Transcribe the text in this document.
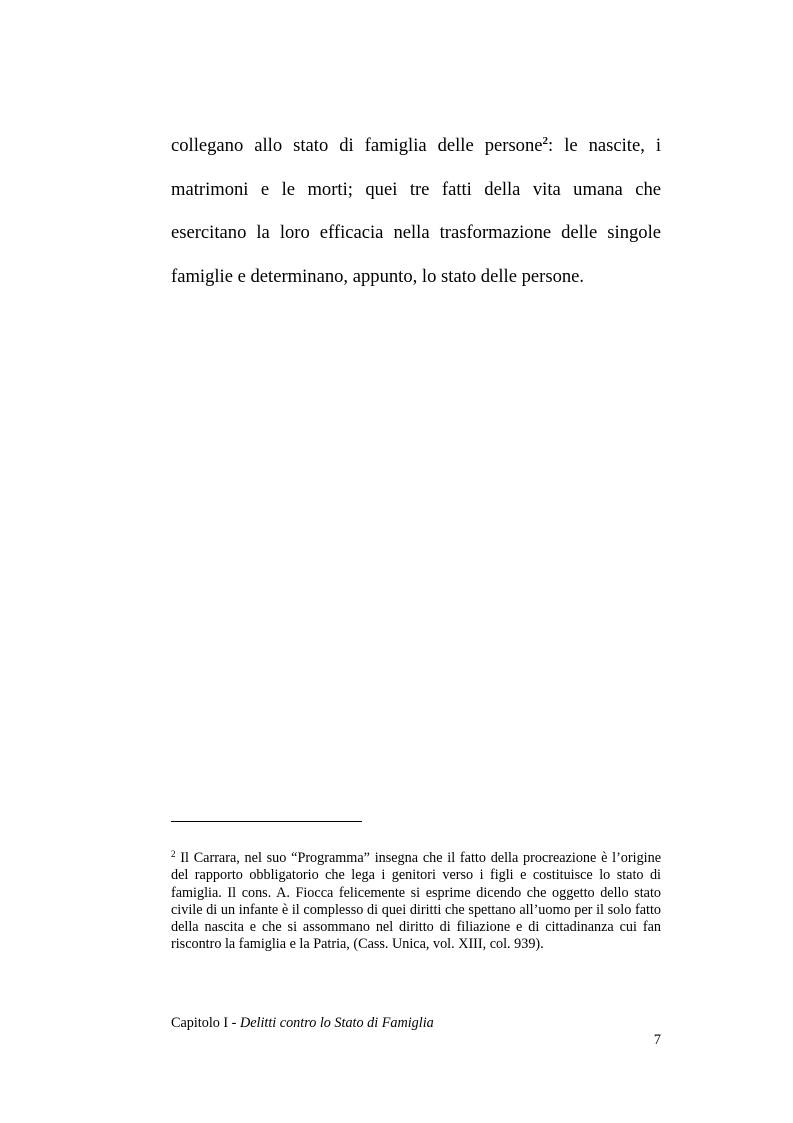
collegano allo stato di famiglia delle persone$^2$: le nascite, i matrimoni e le morti; quei tre fatti della vita umana che esercitano la loro efficacia nella trasformazione delle singole famiglie e determinano, appunto, lo stato delle persone.

$^2$ Il Carrara, nel suo “Programma” insegna che il fatto della procreazione è l’origine del rapporto obbligatorio che lega i genitori verso i figli e costituisce lo stato di famiglia. Il cons. A. Fiocca felicemente si esprime dicendo che oggetto dello stato civile di un infante è il complesso di quei diritti che spettano all’uomo per il solo fatto della nascita e che si assommano nel diritto di filiazione e di cittadinanza cui fan riscontro la famiglia e la Patria, (Cass. Unica, vol. XIII, col. 939).

Capitolo I - Delitti contro lo Stato di Famiglia

7
